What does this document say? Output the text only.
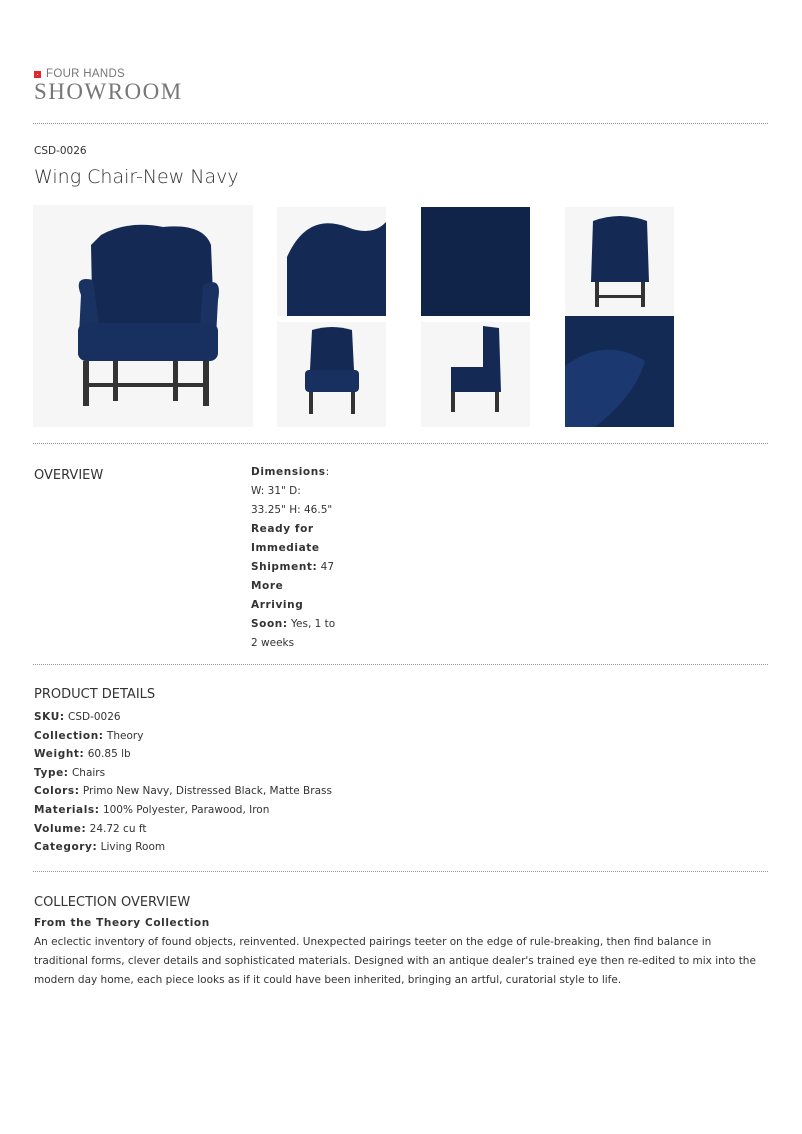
FOUR HANDS
SHOWROOM
CSD-0026
Wing Chair-New Navy
OVERVIEW	Dimensions: W: 31" D: 33.25" H: 46.5" Ready for Immediate Shipment: 47 More Arriving Soon: Yes, 1 to 2 weeks
PRODUCT DETAILS
SKU: CSD-0026
Collection: Theory
Weight: 60.85 lb
Type: Chairs
Colors: Primo New Navy, Distressed Black, Matte Brass
Materials: 100% Polyester, Parawood, Iron
Volume: 24.72 cu ft
Category: Living Room
COLLECTION OVERVIEW
From the Theory Collection
An eclectic inventory of found objects, reinvented. Unexpected pairings teeter on the edge of rule-breaking, then find balance in traditional forms, clever details and sophisticated materials. Designed with an antique dealer's trained eye then re-edited to mix into the modern day home, each piece looks as if it could have been inherited, bringing an artful, curatorial style to life.
